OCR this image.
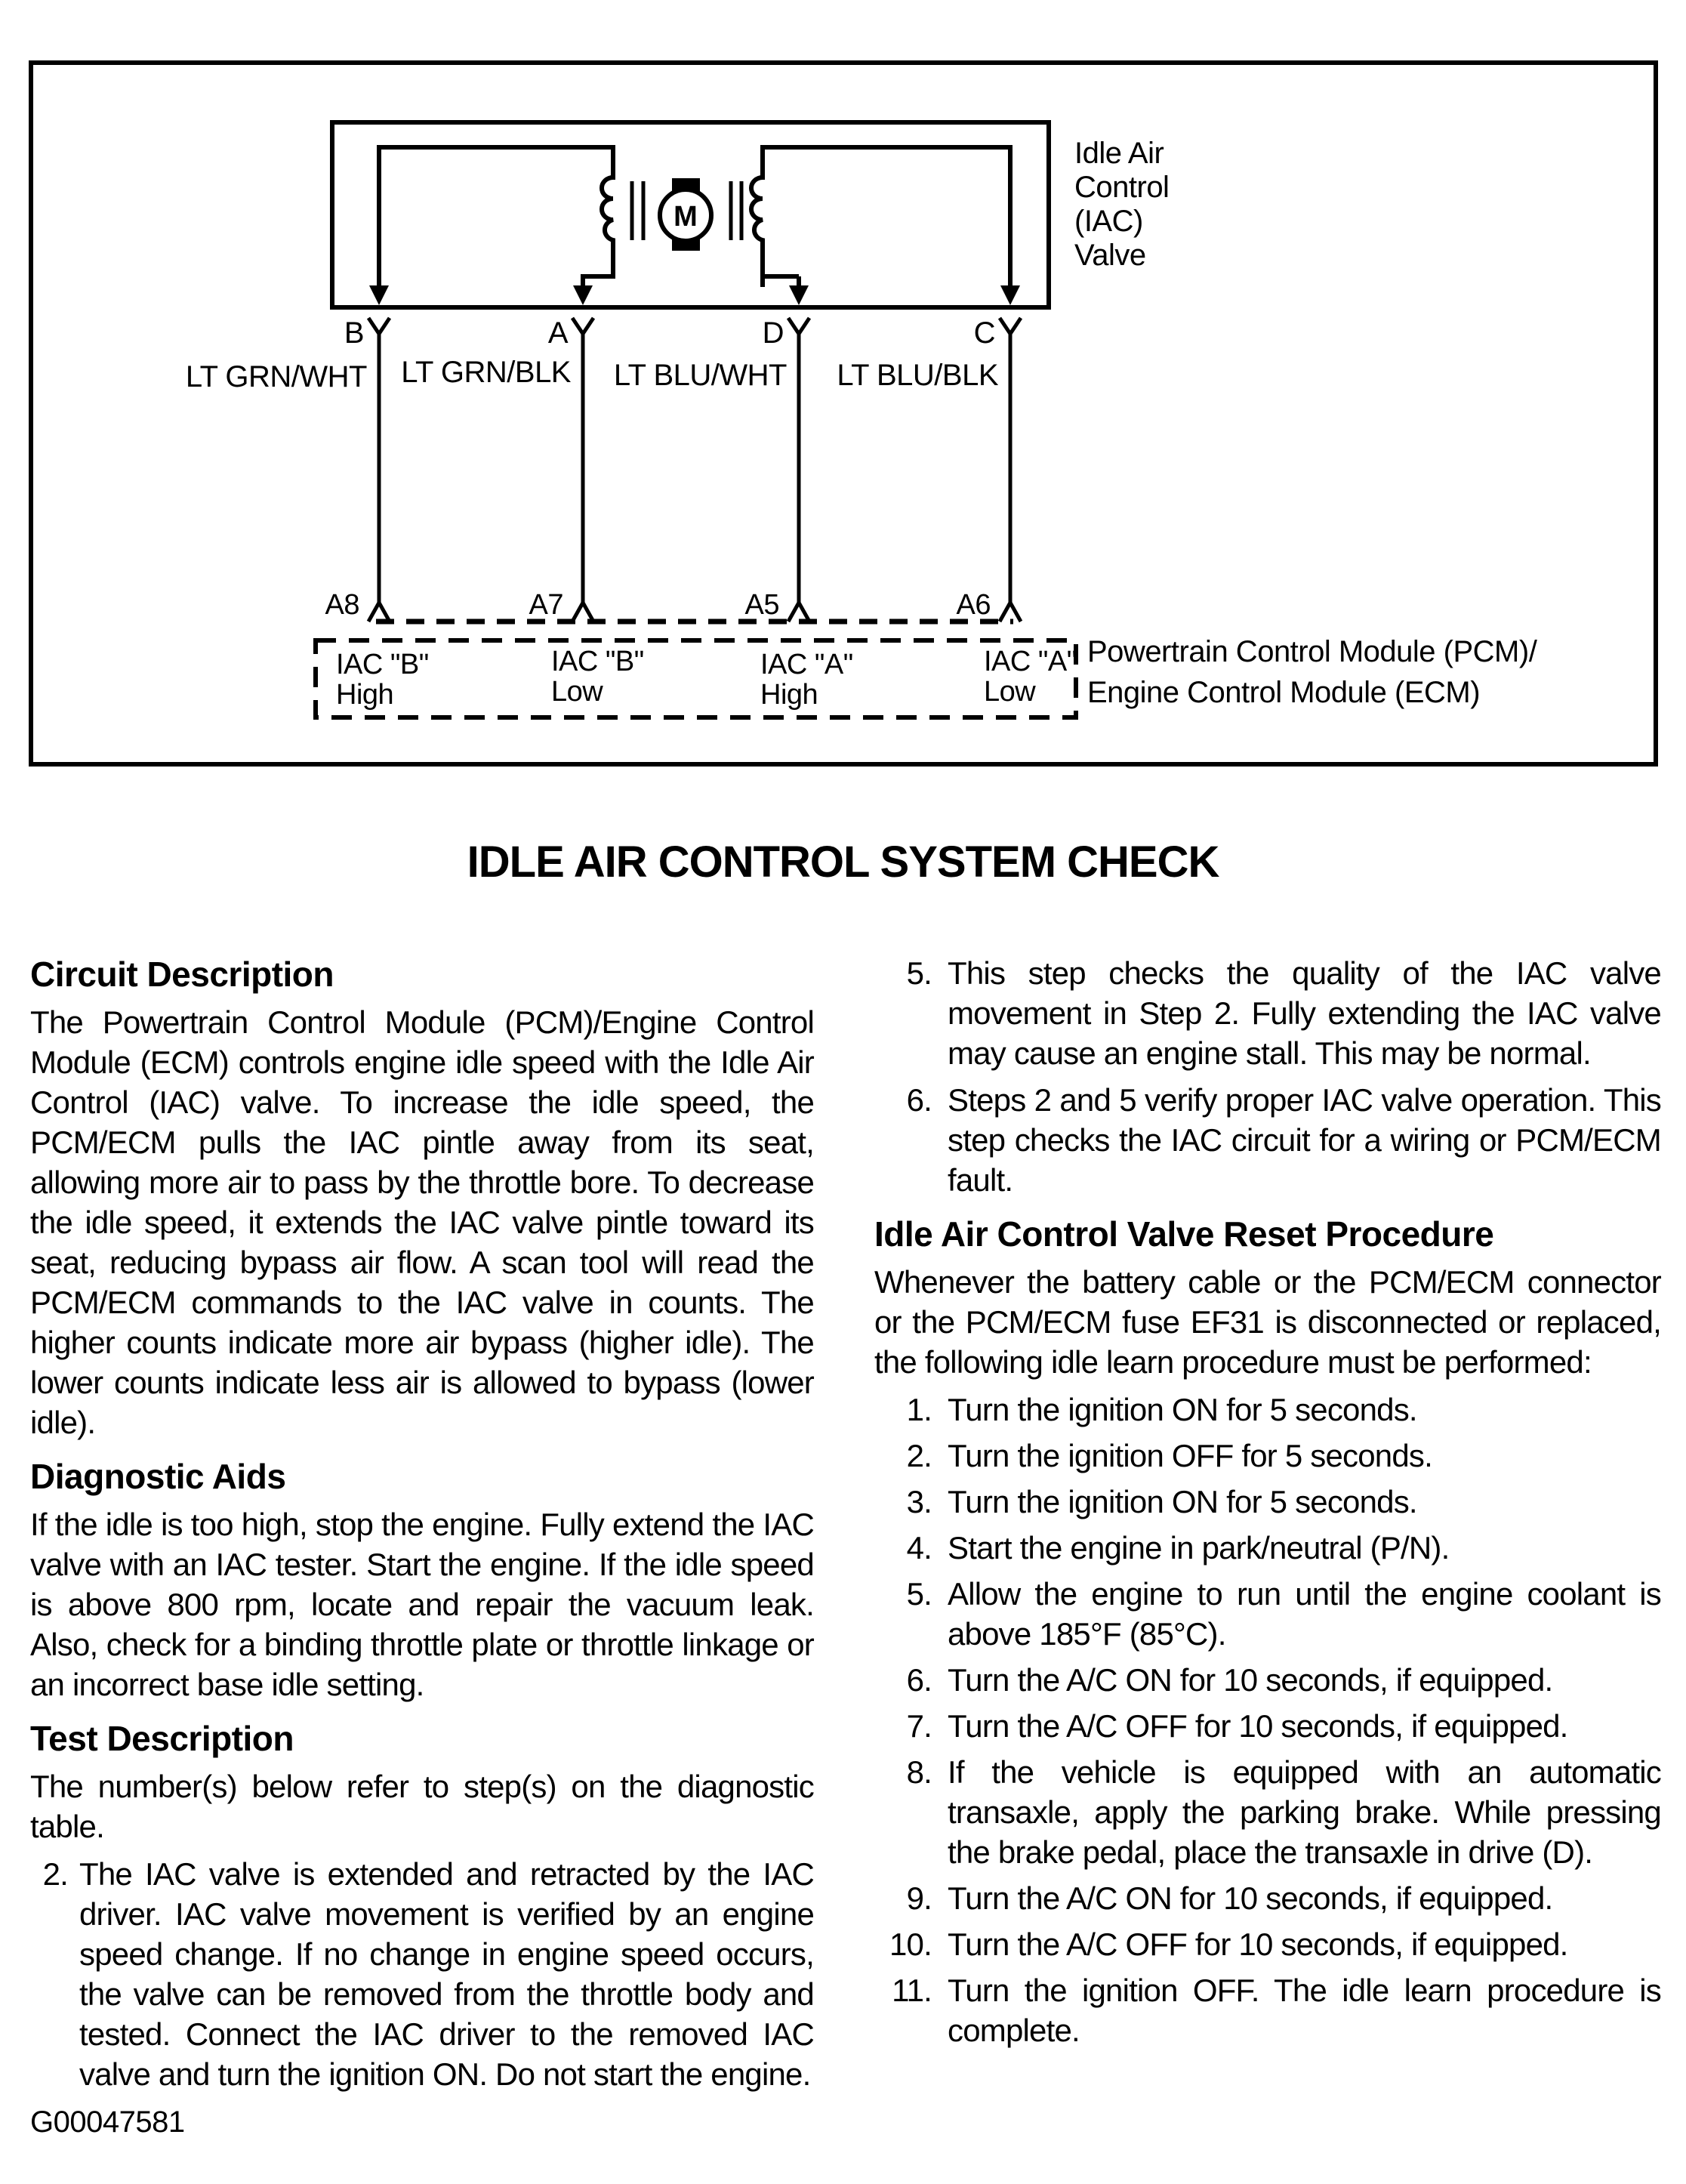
M
B
LT GRN/WHT
A8
A
LT GRN/BLK
A7
D
LT BLU/WHT
A5
C
LT BLU/BLK
A6
Idle Air
Control
(IAC)
Valve
IAC "B"
High
IAC "B"
Low
IAC "A"
High
IAC "A"
Low
Powertrain Control Module (PCM)/
Engine Control Module (ECM)
IDLE AIR CONTROL SYSTEM CHECK
Circuit Description

The Powertrain Control Module (PCM)/Engine Control Module (ECM) controls engine idle speed with the Idle Air Control (IAC) valve. To increase the idle speed, the PCM/ECM pulls the IAC pintle away from its seat, allowing more air to pass by the throttle bore. To decrease the idle speed, it extends the IAC valve pintle toward its seat, reducing bypass air flow. A scan tool will read the PCM/ECM commands to the IAC valve in counts. The higher counts indicate more air bypass (higher idle). The lower counts indicate less air is allowed to bypass (lower idle).

Diagnostic Aids

If the idle is too high, stop the engine. Fully extend the IAC valve with an IAC tester. Start the engine. If the idle speed is above 800 rpm, locate and repair the vacuum leak. Also, check for a binding throttle plate or throttle linkage or an incorrect base idle setting.

Test Description

The number(s) below refer to step(s) on the diagnostic table.

2. The IAC valve is extended and retracted by the IAC driver. IAC valve movement is verified by an engine speed change. If no change in engine speed occurs, the valve can be removed from the throttle body and tested. Connect the IAC driver to the removed IAC valve and turn the ignition ON. Do not start the engine.
5. This step checks the quality of the IAC valve movement in Step 2. Fully extending the IAC valve may cause an engine stall. This may be normal.
6. Steps 2 and 5 verify proper IAC valve operation. This step checks the IAC circuit for a wiring or PCM/ECM fault.
Idle Air Control Valve Reset Procedure

Whenever the battery cable or the PCM/ECM connector or the PCM/ECM fuse EF31 is disconnected or replaced, the following idle learn procedure must be performed:

1. Turn the ignition ON for 5 seconds.
2. Turn the ignition OFF for 5 seconds.
3. Turn the ignition ON for 5 seconds.
4. Start the engine in park/neutral (P/N).
5. Allow the engine to run until the engine coolant is above 185°F (85°C).
6. Turn the A/C ON for 10 seconds, if equipped.
7. Turn the A/C OFF for 10 seconds, if equipped.
8. If the vehicle is equipped with an automatic transaxle, apply the parking brake. While pressing the brake pedal, place the transaxle in drive (D).
9. Turn the A/C ON for 10 seconds, if equipped.
10. Turn the A/C OFF for 10 seconds, if equipped.
11. Turn the ignition OFF. The idle learn procedure is complete.
G00047581
